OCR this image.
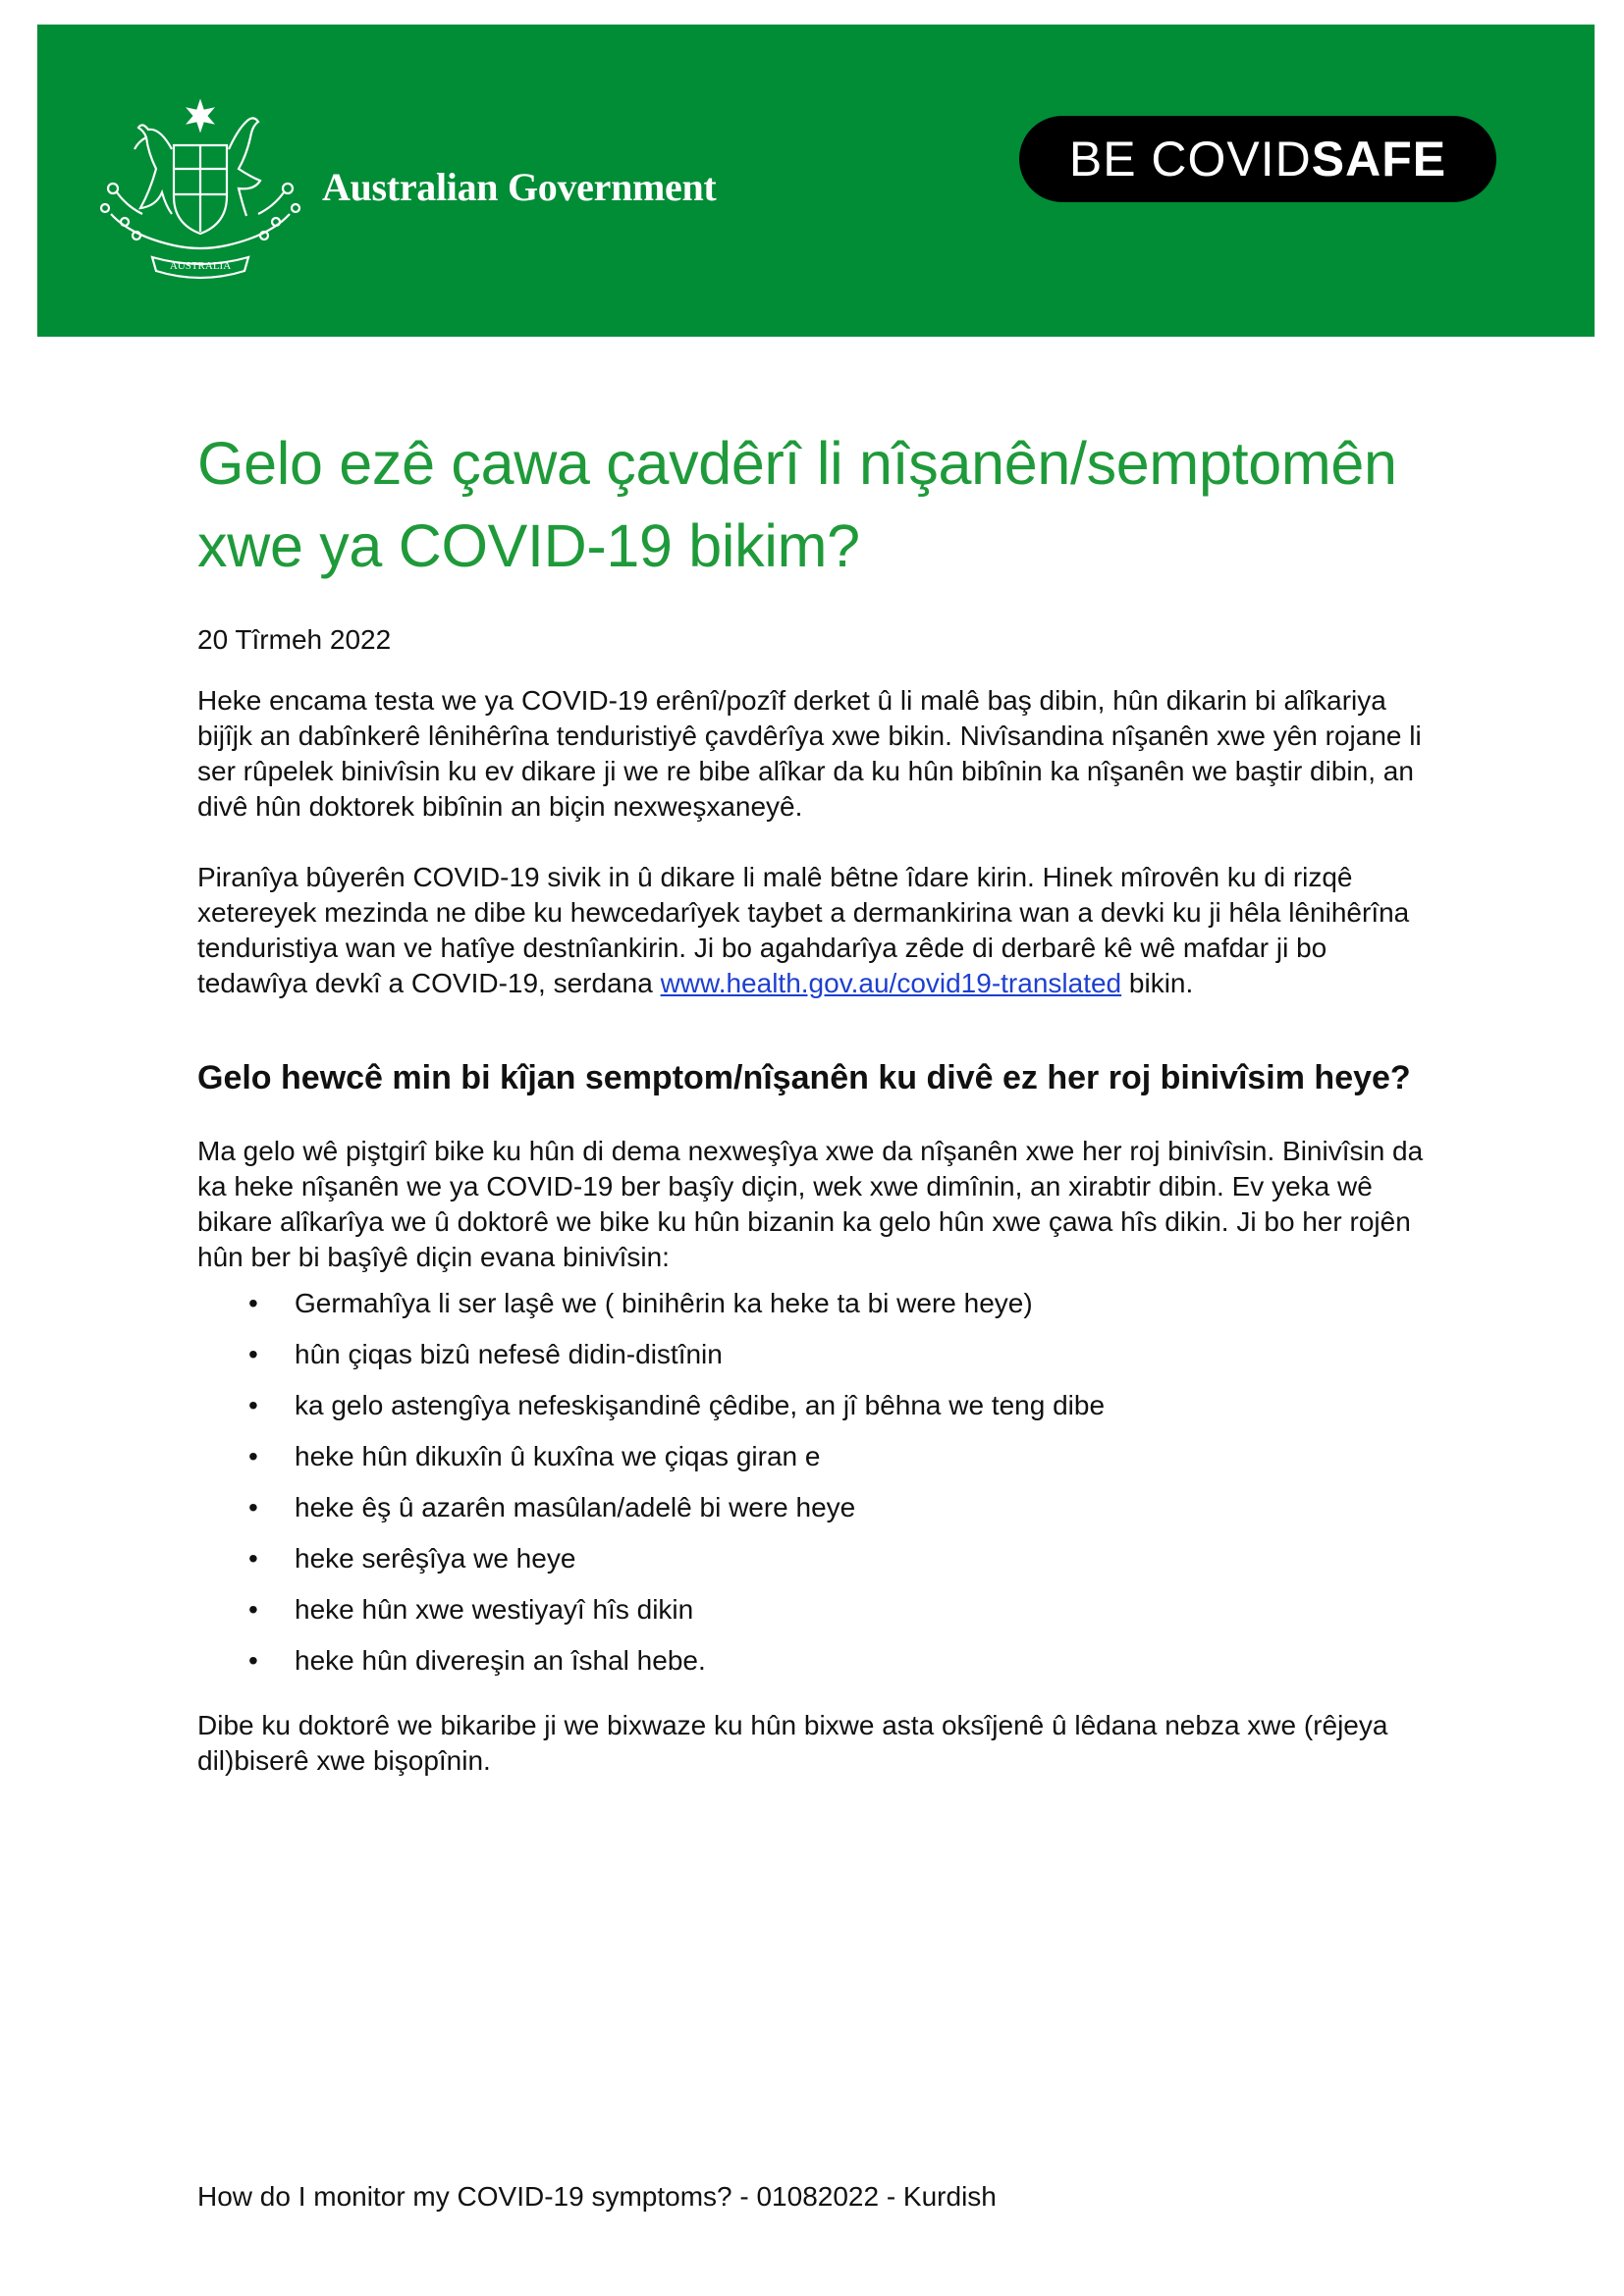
AUSTRALIA
Australian Government
BE COVID SAFE
Gelo ezê çawa çavdêrî li nîşanên/semptomên xwe ya COVID-19 bikim?

20 Tîrmeh 2022

Heke encama testa we ya COVID-19 erênî/pozîf derket û li malê baş dibin, hûn dikarin bi alîkariya bijîjk an dabînkerê lênihêrîna tenduristiyê çavdêrîya xwe bikin. Nivîsandina nîşanên xwe yên rojane li ser rûpelek binivîsin ku ev dikare ji we re bibe alîkar da ku hûn bibînin ka nîşanên we baştir dibin, an divê hûn doktorek bibînin an biçin nexweşxaneyê.

Piranîya bûyerên COVID-19 sivik in û dikare li malê bêtne îdare kirin. Hinek mîrovên ku di rizqê xetereyek mezinda ne dibe ku hewcedarîyek taybet a dermankirina wan a devki ku ji hêla lênihêrîna tenduristiya wan ve hatîye destnîankirin. Ji bo agahdarîya zêde di derbarê kê wê mafdar ji bo tedawîya devkî a COVID-19, serdana www.health.gov.au/covid19-translated bikin.

Gelo hewcê min bi kîjan semptom/nîşanên ku divê ez her roj binivîsim heye?

Ma gelo wê piştgirî bike ku hûn di dema nexweşîya xwe da nîşanên xwe her roj binivîsin. Binivîsin da ka heke nîşanên we ya COVID-19 ber başîy diçin, wek xwe dimînin, an xirabtir dibin. Ev yeka wê bikare alîkarîya we û doktorê we bike ku hûn bizanin ka gelo hûn xwe çawa hîs dikin. Ji bo her rojên hûn ber bi başîyê diçin evana binivîsin:

• Germahîya li ser laşê we ( binihêrin ka heke ta bi were heye)
• hûn çiqas bizû nefesê didin-distînin
• ka gelo astengîya nefeskişandinê çêdibe, an jî bêhna we teng dibe
• heke hûn dikuxîn û kuxîna we çiqas giran e
• heke êş û azarên masûlan/adelê bi were heye
• heke serêşîya we heye
• heke hûn xwe westiyayî hîs dikin
• heke hûn divereşin an îshal hebe.

Dibe ku doktorê we bikaribe ji we bixwaze ku hûn bixwe asta oksîjenê û lêdana nebza xwe (rêjeya dil)biserê xwe bişopînin.

How do I monitor my COVID-19 symptoms? - 01082022 - Kurdish
